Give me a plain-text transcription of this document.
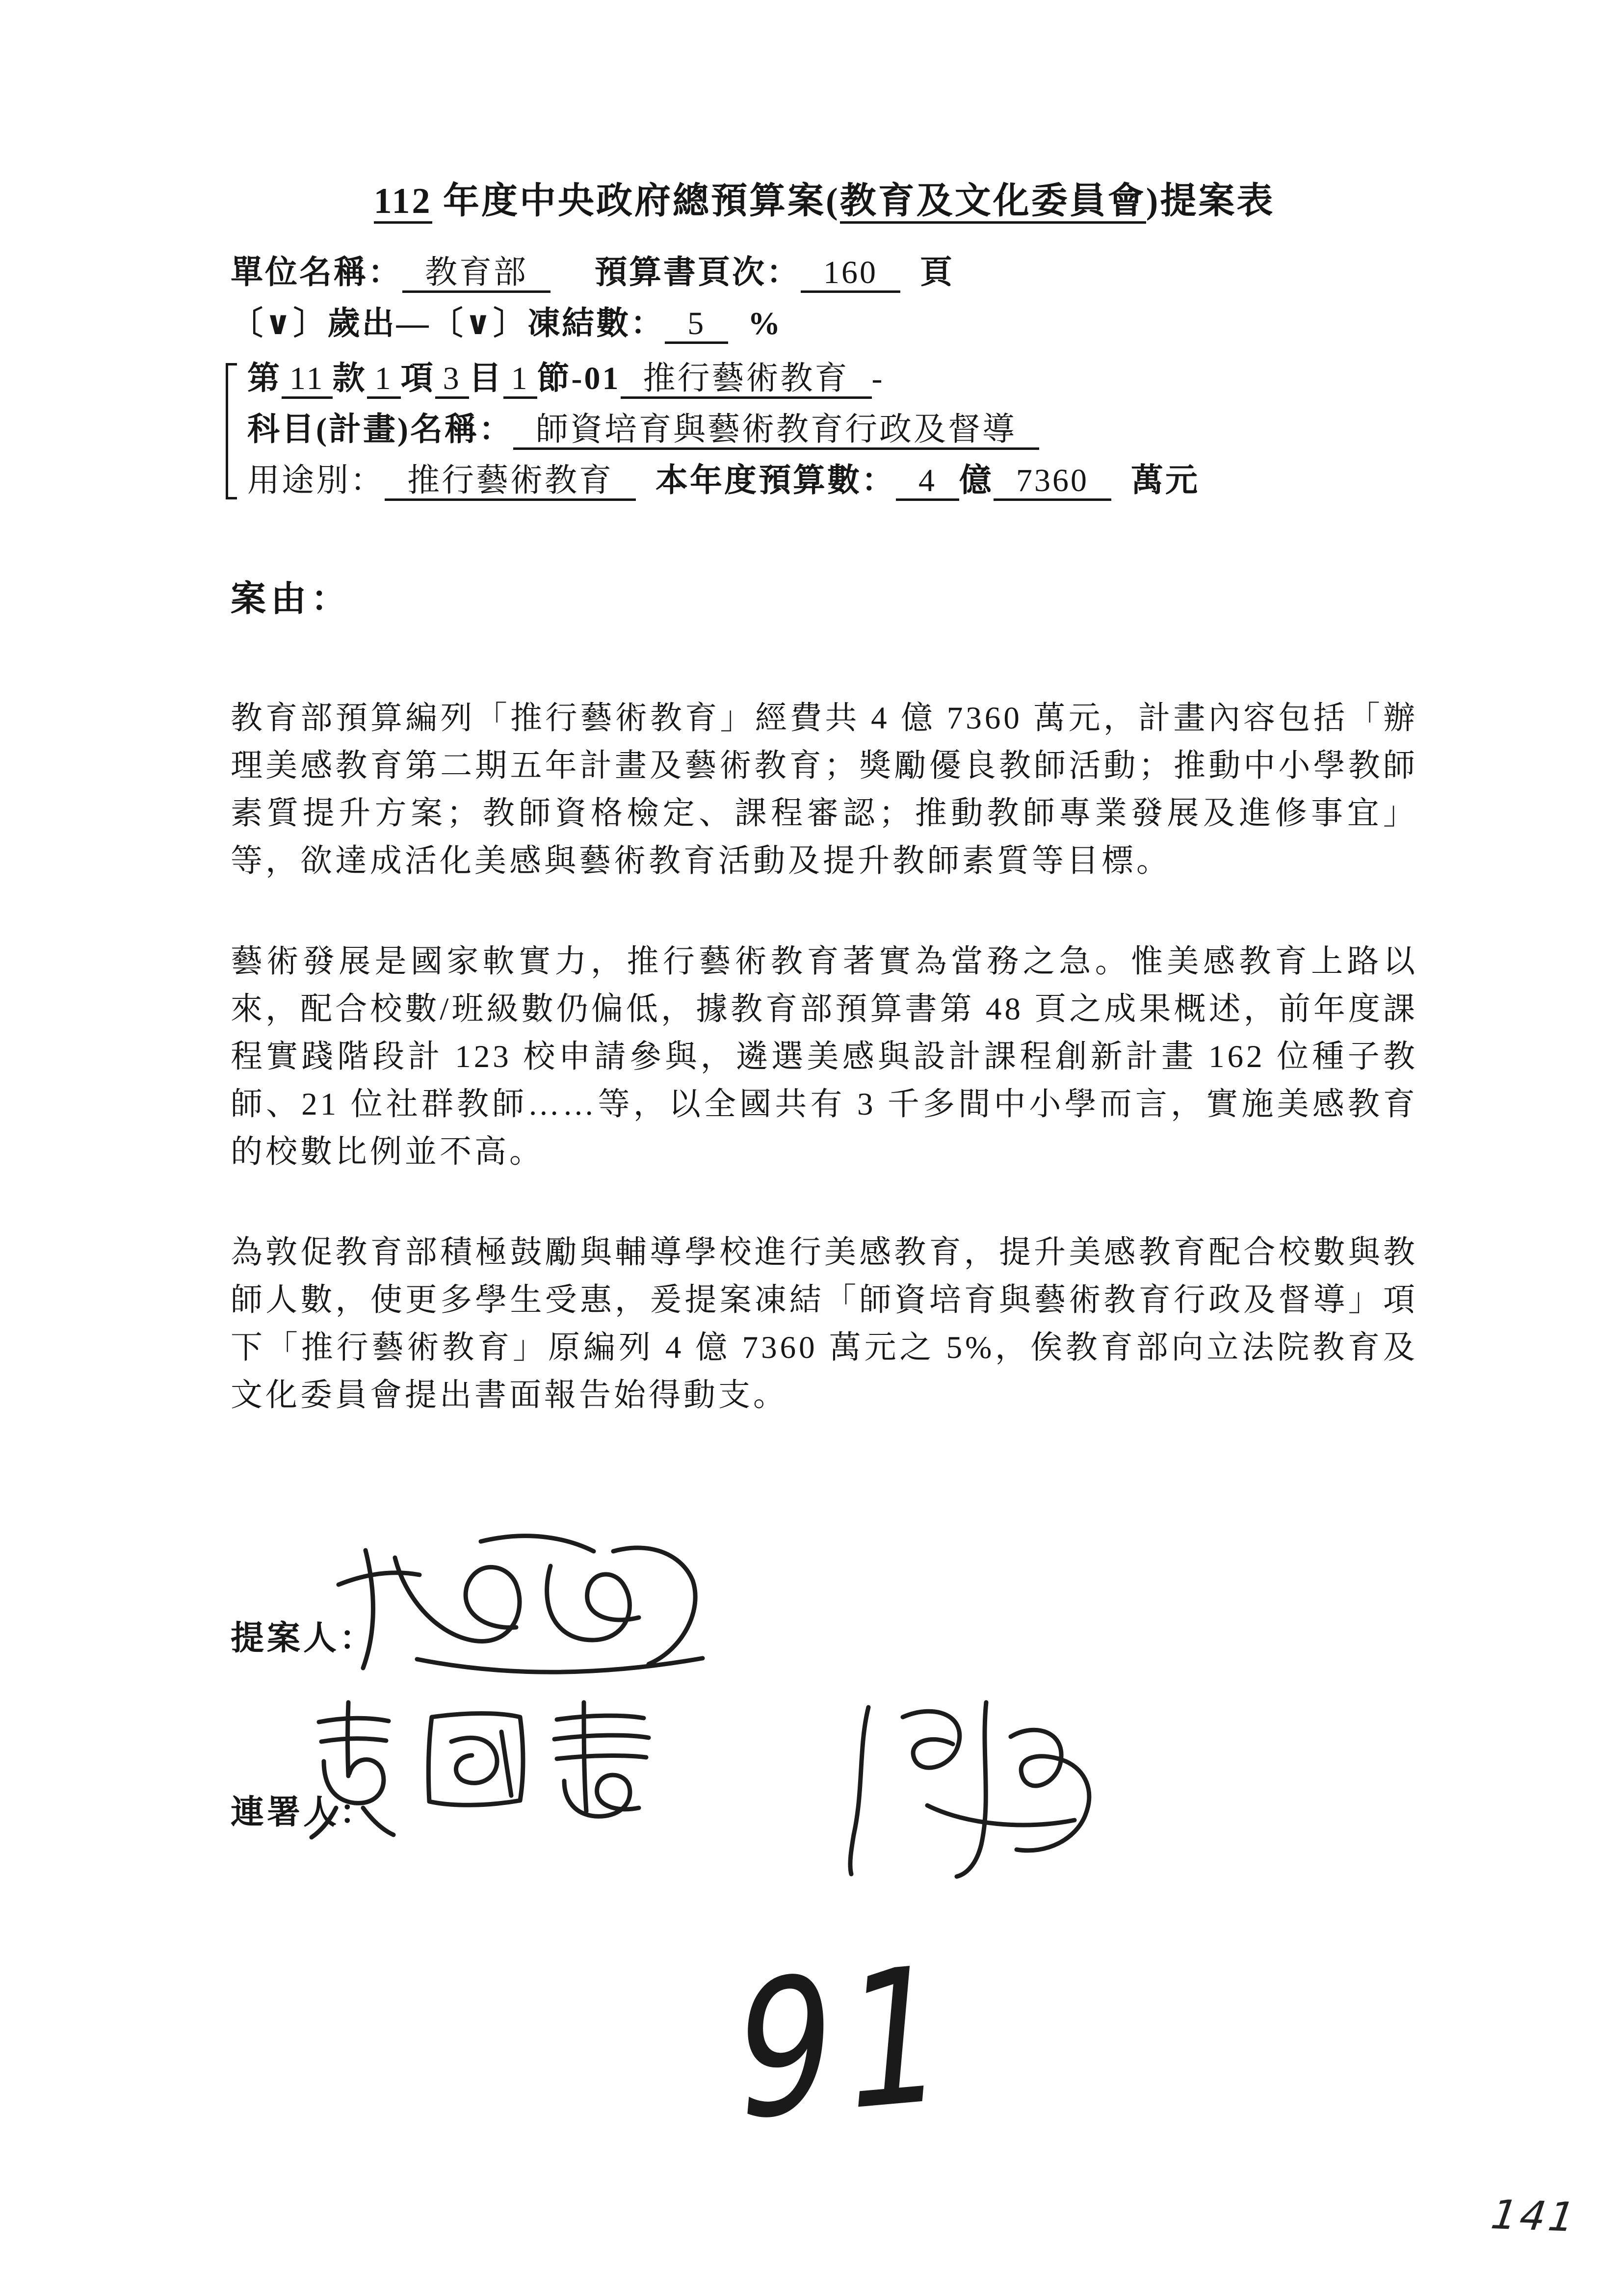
112 年度中央政府總預算案(教育及文化委員會)提案表
單位名稱： 教育部 預算書頁次： 160 頁
〔∨〕歲出—〔∨〕凍結數： 5 %
第 11 款 1 項 3 目 1 節-01 推行藝術教育 -
科目(計畫)名稱： 師資培育與藝術教育行政及督導
用途別： 推行藝術教育 本年度預算數： 4 億 7360 萬元
案由：
教育部預算編列「推行藝術教育」經費共 4 億 7360 萬元，計畫內容包括「辦理美感教育第二期五年計畫及藝術教育；獎勵優良教師活動；推動中小學教師素質提升方案；教師資格檢定、課程審認；推動教師專業發展及進修事宜」等，欲達成活化美感與藝術教育活動及提升教師素質等目標。
藝術發展是國家軟實力，推行藝術教育著實為當務之急。惟美感教育上路以來，配合校數/班級數仍偏低，據教育部預算書第 48 頁之成果概述，前年度課程實踐階段計 123 校申請參與，遴選美感與設計課程創新計畫 162 位種子教師、21 位社群教師……等，以全國共有 3 千多間中小學而言，實施美感教育的校數比例並不高。
為敦促教育部積極鼓勵與輔導學校進行美感教育，提升美感教育配合校數與教師人數，使更多學生受惠，爰提案凍結「師資培育與藝術教育行政及督導」項下「推行藝術教育」原編列 4 億 7360 萬元之 5%，俟教育部向立法院教育及文化委員會提出書面報告始得動支。
提案人：
連署人：
91
141
